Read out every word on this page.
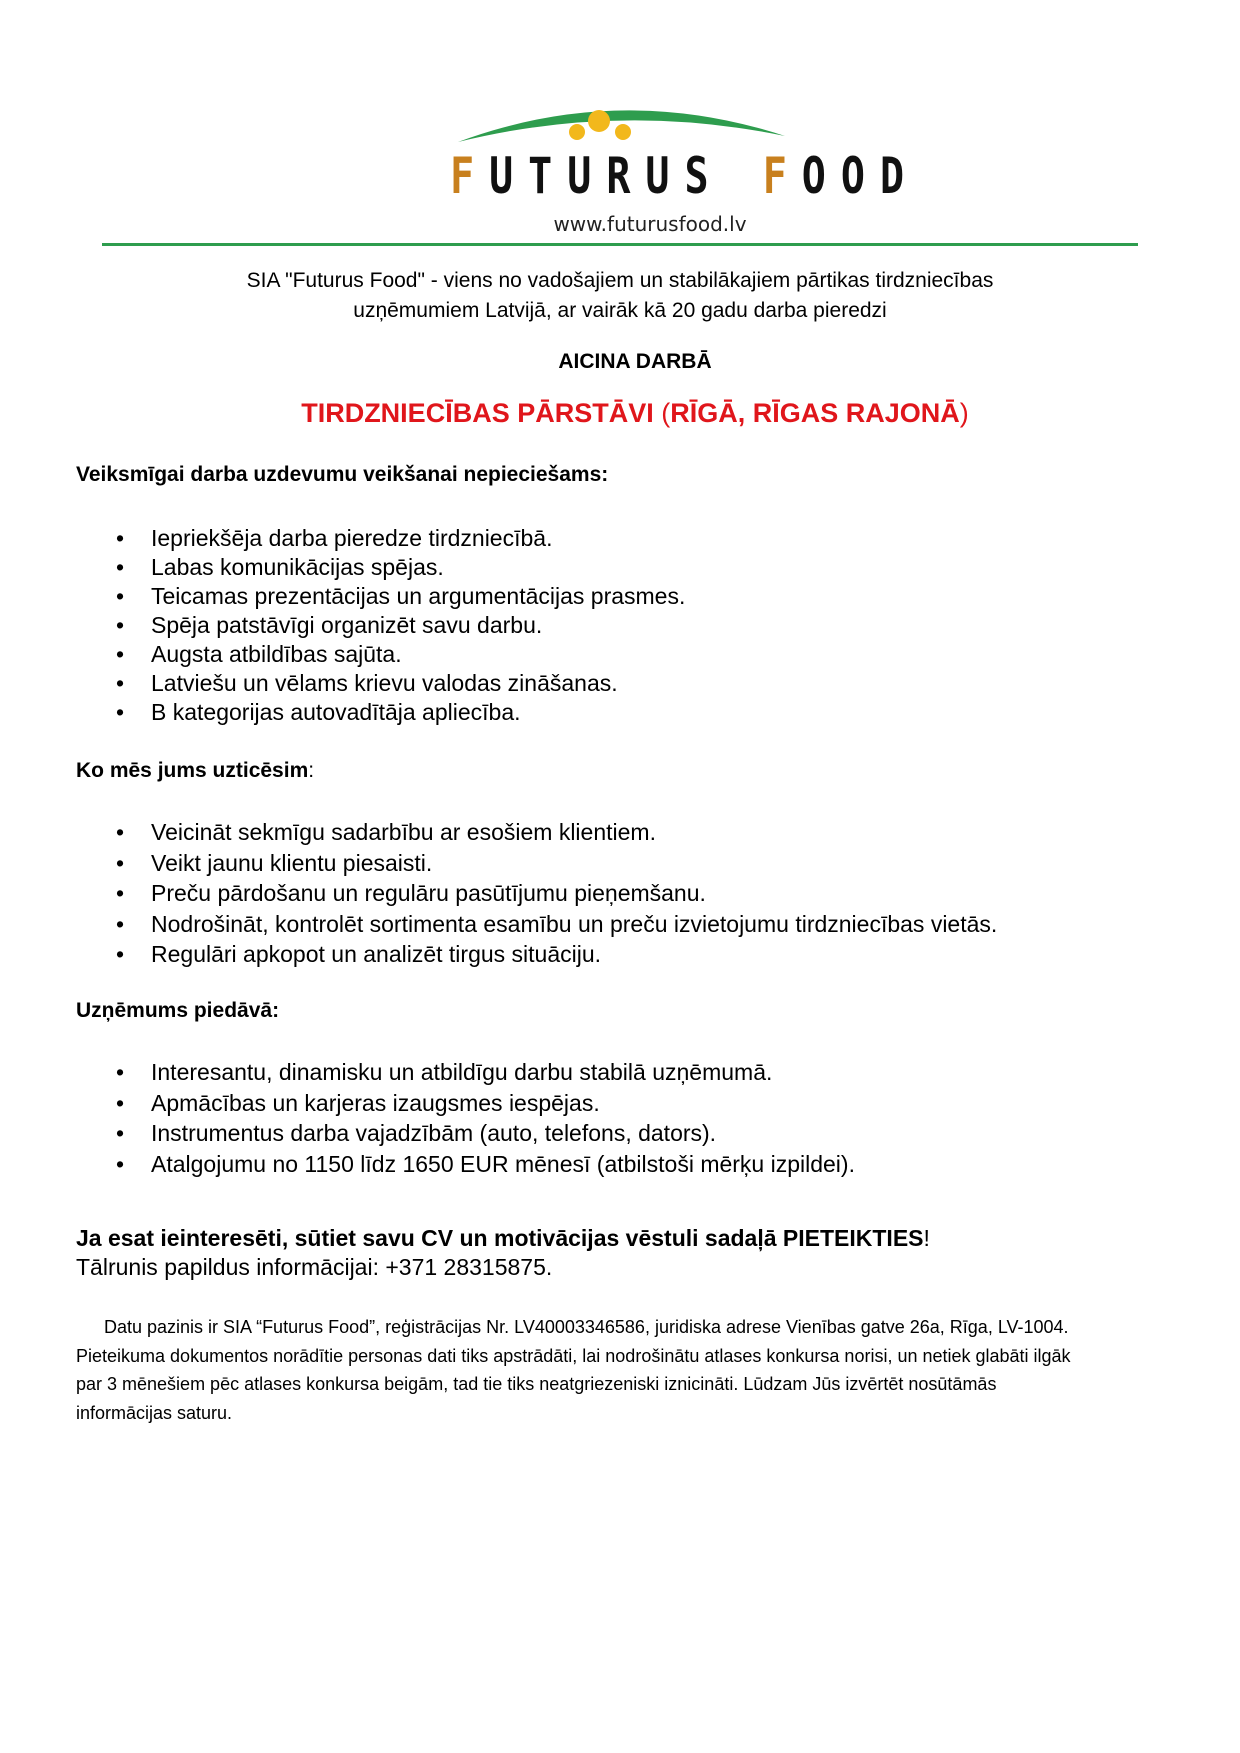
FUTURUS FOOD
www.futurusfood.lv
SIA "Futurus Food" - viens no vadošajiem un stabilākajiem pārtikas tirdzniecības
uzņēmumiem Latvijā, ar vairāk kā 20 gadu darba pieredzi
AICINA DARBĀ
TIRDZNIECĪBAS PĀRSTĀVI (RĪGĀ, RĪGAS RAJONĀ)
Veiksmīgai darba uzdevumu veikšanai nepieciešams:
• Iepriekšēja darba pieredze tirdzniecībā.
• Labas komunikācijas spējas.
• Teicamas prezentācijas un argumentācijas prasmes.
• Spēja patstāvīgi organizēt savu darbu.
• Augsta atbildības sajūta.
• Latviešu un vēlams krievu valodas zināšanas.
• B kategorijas autovadītāja apliecība.
Ko mēs jums uzticēsim:
• Veicināt sekmīgu sadarbību ar esošiem klientiem.
• Veikt jaunu klientu piesaisti.
• Preču pārdošanu un regulāru pasūtījumu pieņemšanu.
• Nodrošināt, kontrolēt sortimenta esamību un preču izvietojumu tirdzniecības vietās.
• Regulāri apkopot un analizēt tirgus situāciju.
Uzņēmums piedāvā:
• Interesantu, dinamisku un atbildīgu darbu stabilā uzņēmumā.
• Apmācības un karjeras izaugsmes iespējas.
• Instrumentus darba vajadzībām (auto, telefons, dators).
• Atalgojumu no 1150 līdz 1650 EUR mēnesī (atbilstoši mērķu izpildei).
Ja esat ieinteresēti, sūtiet savu CV un motivācijas vēstuli sadaļā PIETEIKTIES!
Tālrunis papildus informācijai: +371 28315875.
Datu pazinis ir SIA “Futurus Food”, reģistrācijas Nr. LV40003346586, juridiska adrese Vienības gatve 26a, Rīga, LV-1004. Pieteikuma dokumentos norādītie personas dati tiks apstrādāti, lai nodrošinātu atlases konkursa norisi, un netiek glabāti ilgāk par 3 mēnešiem pēc atlases konkursa beigām, tad tie tiks neatgriezeniski iznicināti. Lūdzam Jūs izvērtēt nosūtāmās informācijas saturu.
